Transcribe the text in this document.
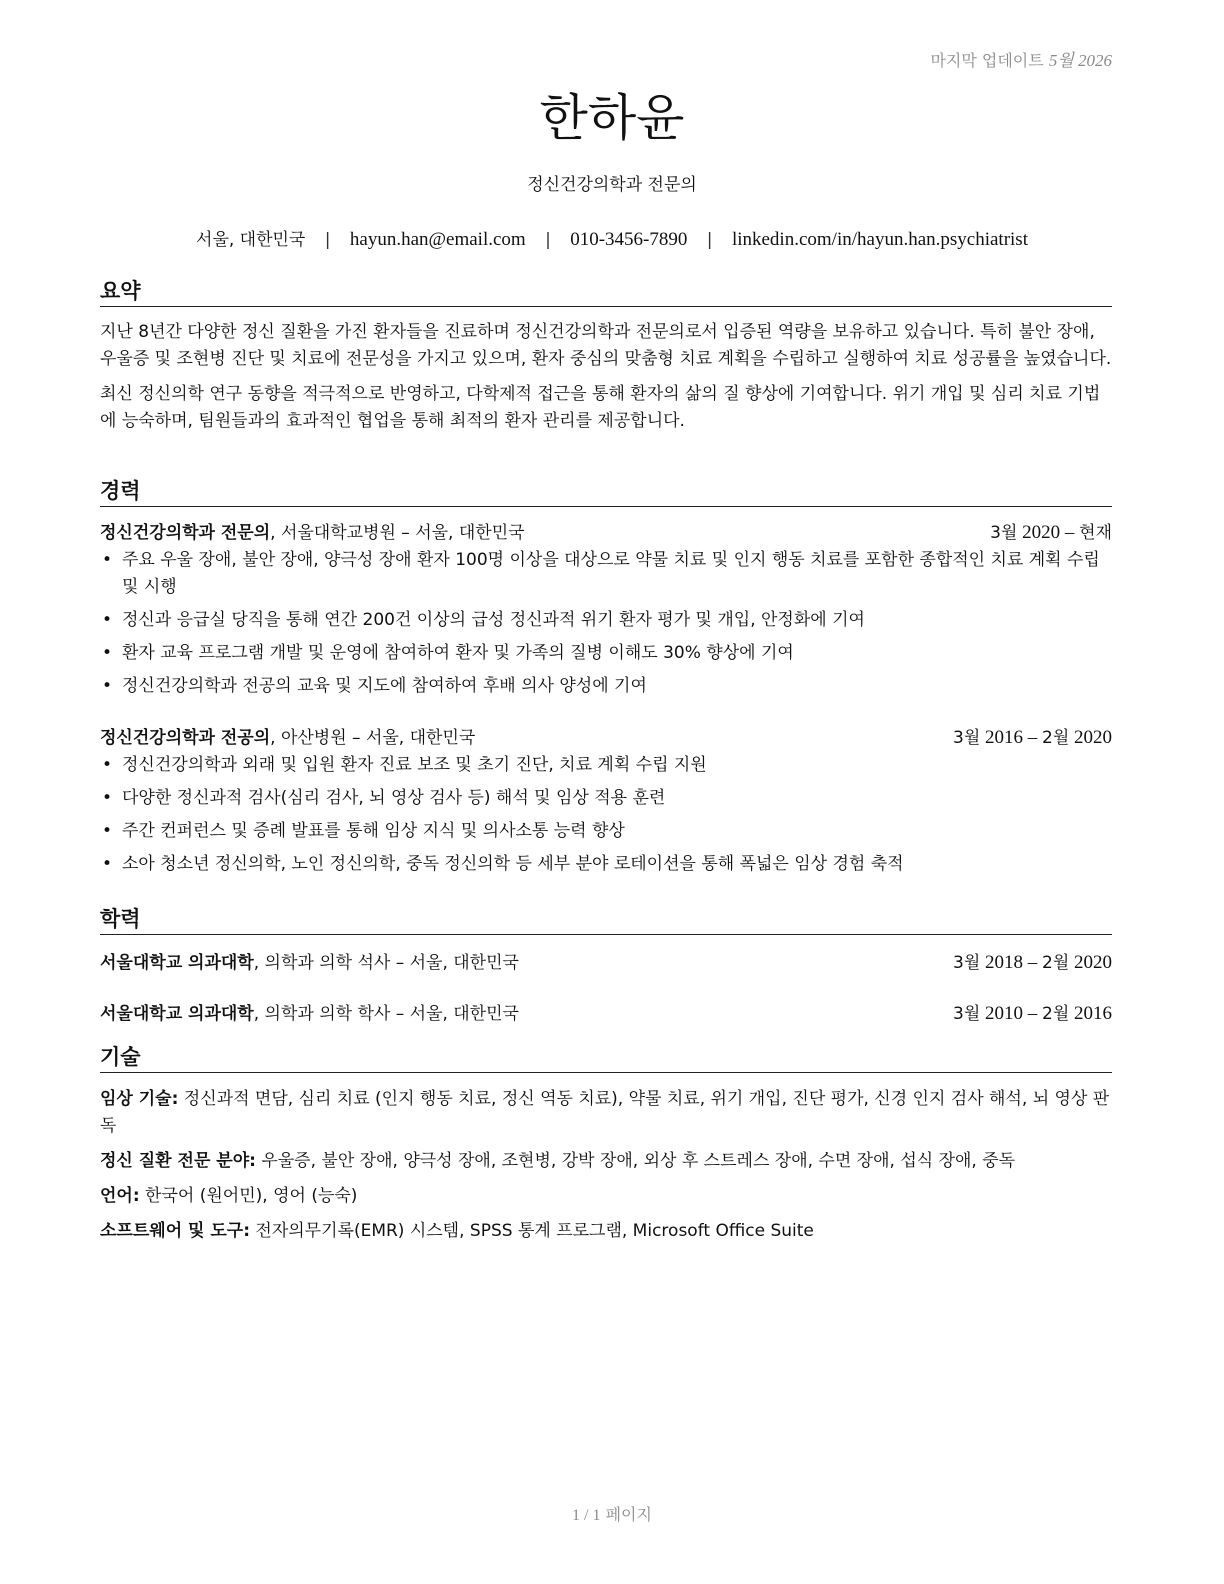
마지막 업데이트 5월 2026
한하윤
정신건강의학과 전문의
서울, 대한민국 | hayun.han@email.com | 010-3456-7890 | linkedin.com/in/hayun.han.psychiatrist
요약

지난 8년간 다양한 정신 질환을 가진 환자들을 진료하며 정신건강의학과 전문의로서 입증된 역량을 보유하고 있습니다. 특히 불안 장애, 우울증 및 조현병 진단 및 치료에 전문성을 가지고 있으며, 환자 중심의 맞춤형 치료 계획을 수립하고 실행하여 치료 성공률을 높였습니다.

최신 정신의학 연구 동향을 적극적으로 반영하고, 다학제적 접근을 통해 환자의 삶의 질 향상에 기여합니다. 위기 개입 및 심리 치료 기법에 능숙하며, 팀원들과의 효과적인 협업을 통해 최적의 환자 관리를 제공합니다.

경력
정신건강의학과 전문의, 서울대학교병원 – 서울, 대한민국	3월 2020 – 현재
• 주요 우울 장애, 불안 장애, 양극성 장애 환자 100명 이상을 대상으로 약물 치료 및 인지 행동 치료를 포함한 종합적인 치료 계획 수립 및 시행
• 정신과 응급실 당직을 통해 연간 200건 이상의 급성 정신과적 위기 환자 평가 및 개입, 안정화에 기여
• 환자 교육 프로그램 개발 및 운영에 참여하여 환자 및 가족의 질병 이해도 30% 향상에 기여
• 정신건강의학과 전공의 교육 및 지도에 참여하여 후배 의사 양성에 기여
정신건강의학과 전공의, 아산병원 – 서울, 대한민국	3월 2016 – 2월 2020
• 정신건강의학과 외래 및 입원 환자 진료 보조 및 초기 진단, 치료 계획 수립 지원
• 다양한 정신과적 검사(심리 검사, 뇌 영상 검사 등) 해석 및 임상 적용 훈련
• 주간 컨퍼런스 및 증례 발표를 통해 임상 지식 및 의사소통 능력 향상
• 소아 청소년 정신의학, 노인 정신의학, 중독 정신의학 등 세부 분야 로테이션을 통해 폭넓은 임상 경험 축적
학력
서울대학교 의과대학, 의학과 의학 석사 – 서울, 대한민국	3월 2018 – 2월 2020
서울대학교 의과대학, 의학과 의학 학사 – 서울, 대한민국	3월 2010 – 2월 2016
기술

임상 기술: 정신과적 면담, 심리 치료 (인지 행동 치료, 정신 역동 치료), 약물 치료, 위기 개입, 진단 평가, 신경 인지 검사 해석, 뇌 영상 판독

정신 질환 전문 분야: 우울증, 불안 장애, 양극성 장애, 조현병, 강박 장애, 외상 후 스트레스 장애, 수면 장애, 섭식 장애, 중독

언어: 한국어 (원어민), 영어 (능숙)

소프트웨어 및 도구: 전자의무기록(EMR) 시스템, SPSS 통계 프로그램, Microsoft Office Suite

1 / 1 페이지
